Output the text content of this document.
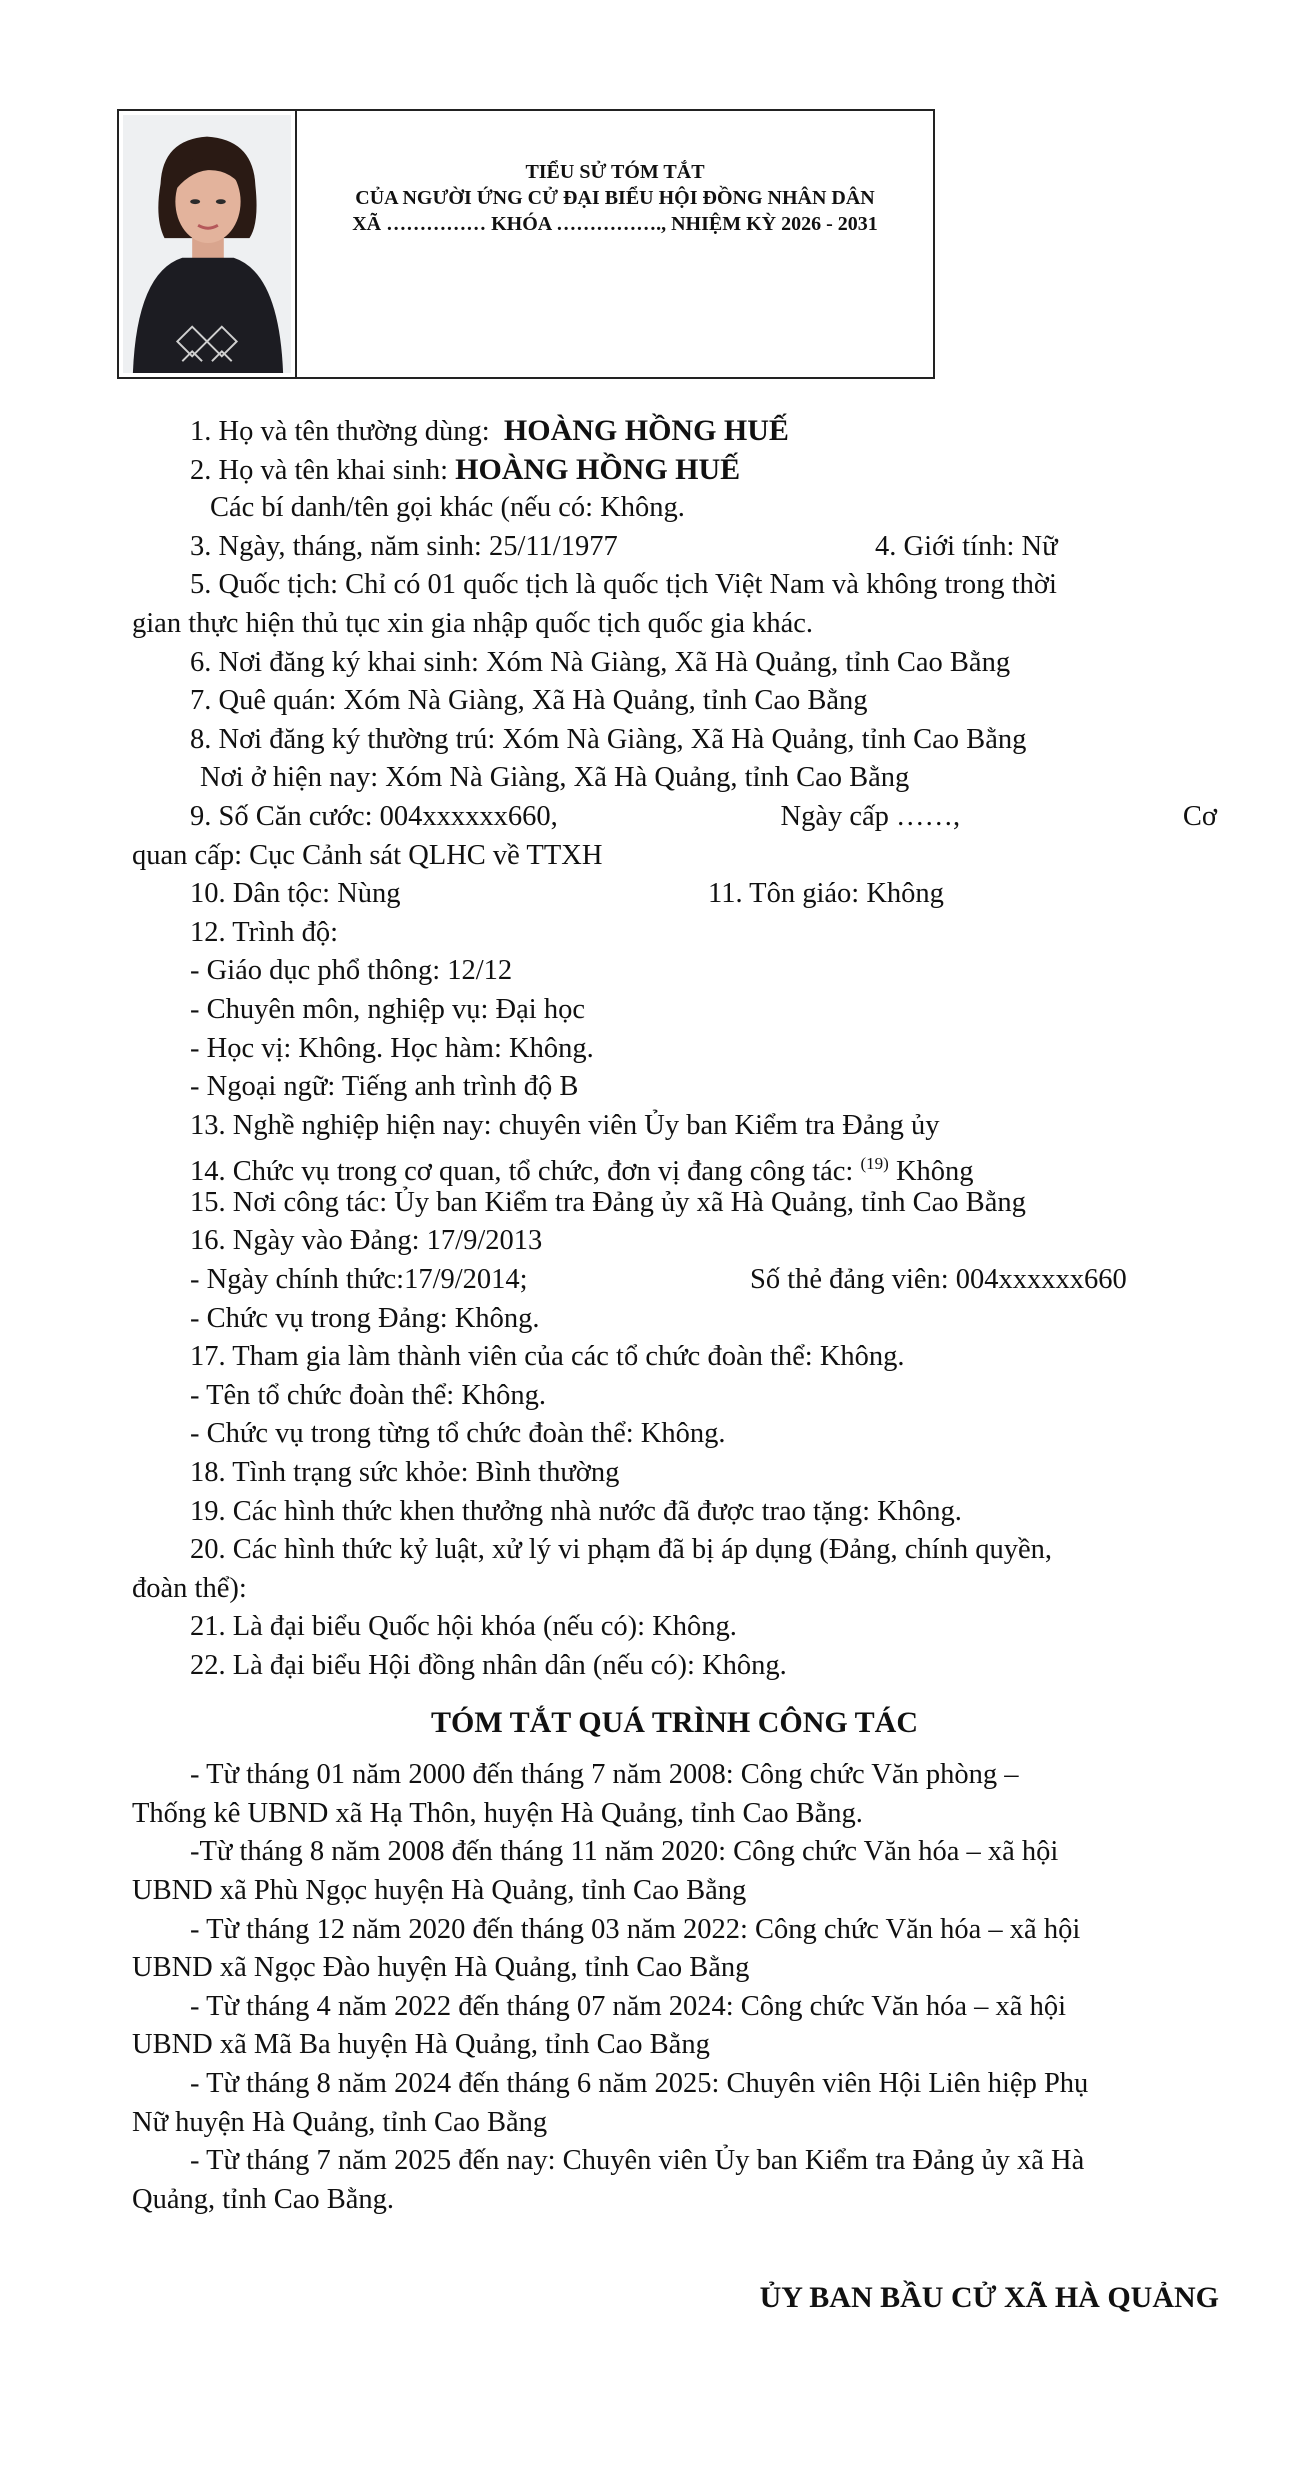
TIỂU SỬ TÓM TẮT
CỦA NGƯỜI ỨNG CỬ ĐẠI BIỂU HỘI ĐỒNG NHÂN DÂN
XÃ …………… KHÓA ……………., NHIỆM KỲ 2026 - 2031
1. Họ và tên thường dùng: HOÀNG HỒNG HUẾ
2. Họ và tên khai sinh: HOÀNG HỒNG HUẾ
Các bí danh/tên gọi khác (nếu có: Không.
3. Ngày, tháng, năm sinh: 25/11/1977	4. Giới tính: Nữ
5. Quốc tịch: Chỉ có 01 quốc tịch là quốc tịch Việt Nam và không trong thời
gian thực hiện thủ tục xin gia nhập quốc tịch quốc gia khác.
6. Nơi đăng ký khai sinh: Xóm Nà Giàng, Xã Hà Quảng, tỉnh Cao Bằng
7. Quê quán: Xóm Nà Giàng, Xã Hà Quảng, tỉnh Cao Bằng
8. Nơi đăng ký thường trú: Xóm Nà Giàng, Xã Hà Quảng, tỉnh Cao Bằng
Nơi ở hiện nay: Xóm Nà Giàng, Xã Hà Quảng, tỉnh Cao Bằng
9. Số Căn cước: 004xxxxxx660,	Ngày cấp ……,	Cơ
quan cấp: Cục Cảnh sát QLHC về TTXH
10. Dân tộc: Nùng	11. Tôn giáo: Không
12. Trình độ:
- Giáo dục phổ thông: 12/12
- Chuyên môn, nghiệp vụ: Đại học
- Học vị: Không. Học hàm: Không.
- Ngoại ngữ: Tiếng anh trình độ B
13. Nghề nghiệp hiện nay: chuyên viên Ủy ban Kiểm tra Đảng ủy
14. Chức vụ trong cơ quan, tổ chức, đơn vị đang công tác: $^{(19)}$ Không
15. Nơi công tác: Ủy ban Kiểm tra Đảng ủy xã Hà Quảng, tỉnh Cao Bằng
16. Ngày vào Đảng: 17/9/2013
- Ngày chính thức:17/9/2014;	Số thẻ đảng viên: 004xxxxxx660
- Chức vụ trong Đảng: Không.
17. Tham gia làm thành viên của các tổ chức đoàn thể: Không.
- Tên tổ chức đoàn thể: Không.
- Chức vụ trong từng tổ chức đoàn thể: Không.
18. Tình trạng sức khỏe: Bình thường
19. Các hình thức khen thưởng nhà nước đã được trao tặng: Không.
20. Các hình thức kỷ luật, xử lý vi phạm đã bị áp dụng (Đảng, chính quyền,
đoàn thể):
21. Là đại biểu Quốc hội khóa (nếu có): Không.
22. Là đại biểu Hội đồng nhân dân (nếu có): Không.
TÓM TẮT QUÁ TRÌNH CÔNG TÁC
- Từ tháng 01 năm 2000 đến tháng 7 năm 2008: Công chức Văn phòng –
Thống kê UBND xã Hạ Thôn, huyện Hà Quảng, tỉnh Cao Bằng.
-Từ tháng 8 năm 2008 đến tháng 11 năm 2020: Công chức Văn hóa – xã hội
UBND xã Phù Ngọc huyện Hà Quảng, tỉnh Cao Bằng
- Từ tháng 12 năm 2020 đến tháng 03 năm 2022: Công chức Văn hóa – xã hội
UBND xã Ngọc Đào huyện Hà Quảng, tỉnh Cao Bằng
- Từ tháng 4 năm 2022 đến tháng 07 năm 2024: Công chức Văn hóa – xã hội
UBND xã Mã Ba huyện Hà Quảng, tỉnh Cao Bằng
- Từ tháng 8 năm 2024 đến tháng 6 năm 2025: Chuyên viên Hội Liên hiệp Phụ
Nữ huyện Hà Quảng, tỉnh Cao Bằng
- Từ tháng 7 năm 2025 đến nay: Chuyên viên Ủy ban Kiểm tra Đảng ủy xã Hà
Quảng, tỉnh Cao Bằng.
ỦY BAN BẦU CỬ XÃ HÀ QUẢNG
